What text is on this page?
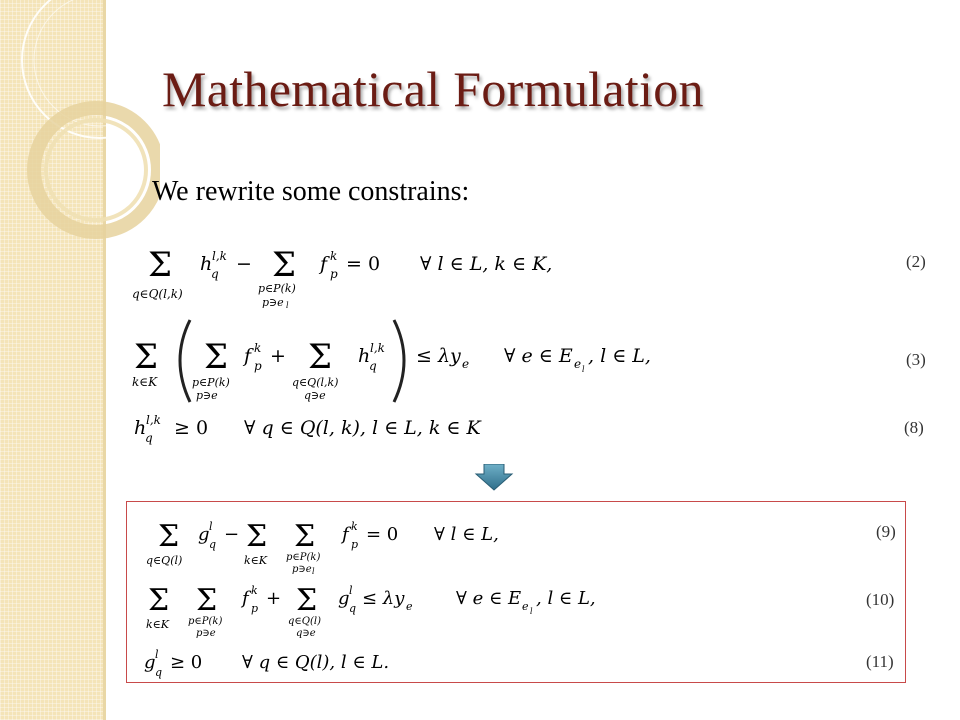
Mathematical Formulation

We rewrite some constrains:

Σ
q∈Q(l,k)
h l,k
q − Σ
p∈P(k)
p∋e l
f k
p = 0 ∀ l ∈ L, k ∈ K,	(2)
Σ
k∈K
Σ
p∈P(k)
p∋e
f k
p + Σ
q∈Q(l,k)
q∋e
h l,k
q ≤ λy e ∀ e ∈ E e l
, l ∈ L,	(3)
h l,k
q ≥ 0 ∀ q ∈ Q(l, k), l ∈ L, k ∈ K	(8)
Σ
q∈Q(l)
g l
q − Σ
k∈K
Σ
p∈P(k)
p∋e l
f k
p = 0 ∀ l ∈ L,	(9)
Σ
k∈K
Σ
p∈P(k)
p∋e
f k
p + Σ
q∈Q(l)
q∋e
g l
q ≤ λy e ∀ e ∈ E e l
, l ∈ L,	(10)
g l
q ≥ 0 ∀ q ∈ Q(l), l ∈ L.	(11)
